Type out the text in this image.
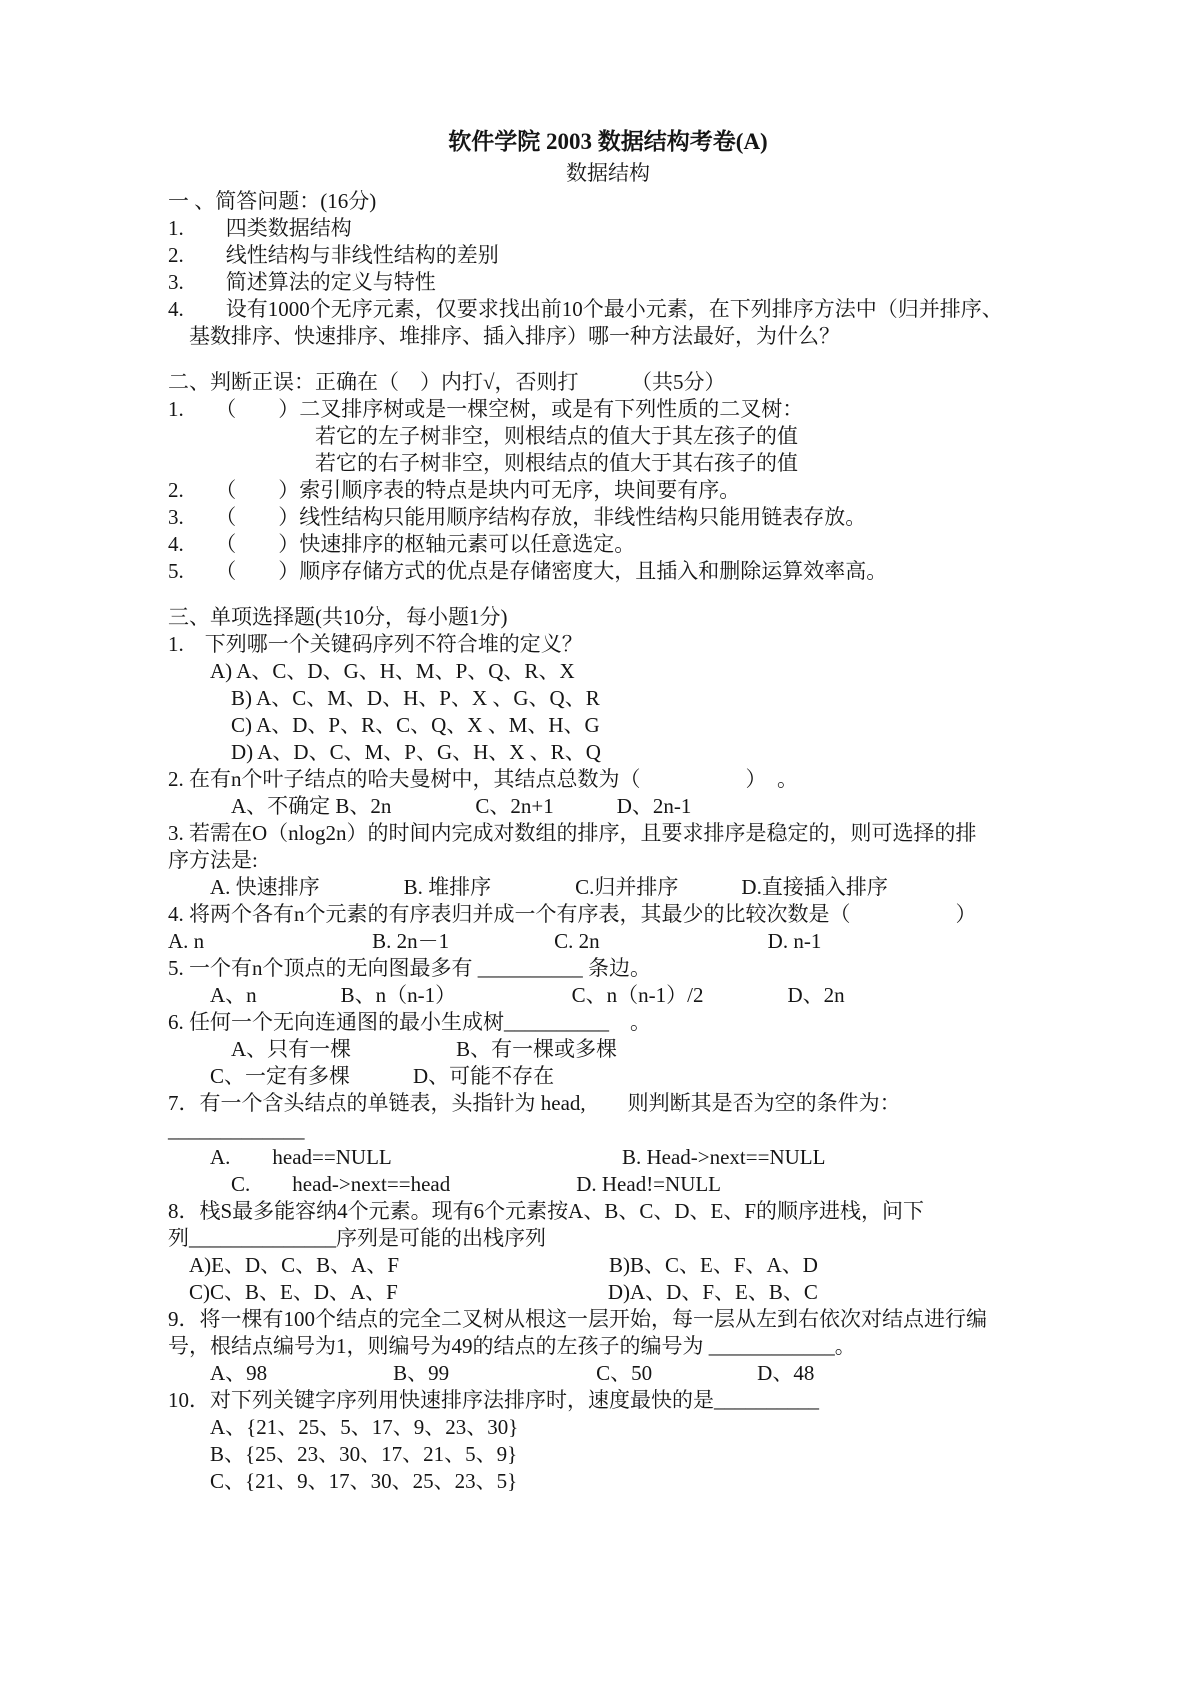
软件学院 2003 数据结构考卷(A)
数据结构
一 、简答问题：(16分)
1.　　四类数据结构
2.　　线性结构与非线性结构的差别
3.　　简述算法的定义与特性
4.　　设有1000个无序元素，仅要求找出前10个最小元素，在下列排序方法中（归并排序、
　基数排序、快速排序、堆排序、插入排序）哪一种方法最好，为什么？
二、判断正误：正确在（　）内打√，否则打　　　（共5分）
1.　　（　　）二叉排序树或是一棵空树，或是有下列性质的二叉树：
　　　　　　　若它的左子树非空，则根结点的值大于其左孩子的值
　　　　　　　若它的右子树非空，则根结点的值大于其右孩子的值
2.　　（　　）索引顺序表的特点是块内可无序，块间要有序。
3.　　（　　）线性结构只能用顺序结构存放，非线性结构只能用链表存放。
4.　　（　　）快速排序的枢轴元素可以任意选定。
5.　　（　　）顺序存储方式的优点是存储密度大，且插入和删除运算效率高。
三、单项选择题(共10分，每小题1分)
1.　下列哪一个关键码序列不符合堆的定义？
　　A) A、C、D、G、H、M、P、Q、R、X
　　　B) A、C、M、D、H、P、X 、G、Q、R
　　　C) A、D、P、R、C、Q、X 、M、H、G
　　　D) A、D、C、M、P、G、H、X 、R、Q
2. 在有n个叶子结点的哈夫曼树中，其结点总数为（　　　　　）　。
　　　A、不确定 B、2n　　　　C、2n+1　　　D、2n-1
3. 若需在O（nlog2n）的时间内完成对数组的排序，且要求排序是稳定的，则可选择的排
序方法是:
　　A. 快速排序　　　　B. 堆排序　　　　C.归并排序　　　D.直接插入排序
4. 将两个各有n个元素的有序表归并成一个有序表，其最少的比较次数是（　　　　　）
A. n　　　　　　　　B. 2n－1　　　　　C. 2n　　　　　　　　D. n-1
5. 一个有n个顶点的无向图最多有 __________ 条边。
　　A、n　　　　B、n（n-1）　　　　　　C、n（n-1）/2　　　　D、2n
6. 任何一个无向连通图的最小生成树__________　。
　　　A、只有一棵　　　　　B、有一棵或多棵
　　C、一定有多棵　　　D、可能不存在
7．有一个含头结点的单链表，头指针为 head,　　则判断其是否为空的条件为：
_____________
　　A.　　head==NULL　　　　　　　　　　　B. Head->next==NULL
　　　C.　　head->next==head　　　　　　D. Head!=NULL
8．栈S最多能容纳4个元素。现有6个元素按A、B、C、D、E、F的顺序进栈，问下
列______________序列是可能的出栈序列
　A)E、D、C、B、A、F　　　　　　　　　　B)B、C、E、F、A、D
　C)C、B、E、D、A、F　　　　　　　　　　D)A、D、F、E、B、C
9．将一棵有100个结点的完全二叉树从根这一层开始，每一层从左到右依次对结点进行编
号，根结点编号为1，则编号为49的结点的左孩子的编号为 ____________。
　　A、98　　　　　　B、99　　　　　　　C、50　　　　　D、48
10．对下列关键字序列用快速排序法排序时，速度最快的是__________
　　A、{21、25、5、17、9、23、30}
　　B、{25、23、30、17、21、5、9}
　　C、{21、9、17、30、25、23、5}
